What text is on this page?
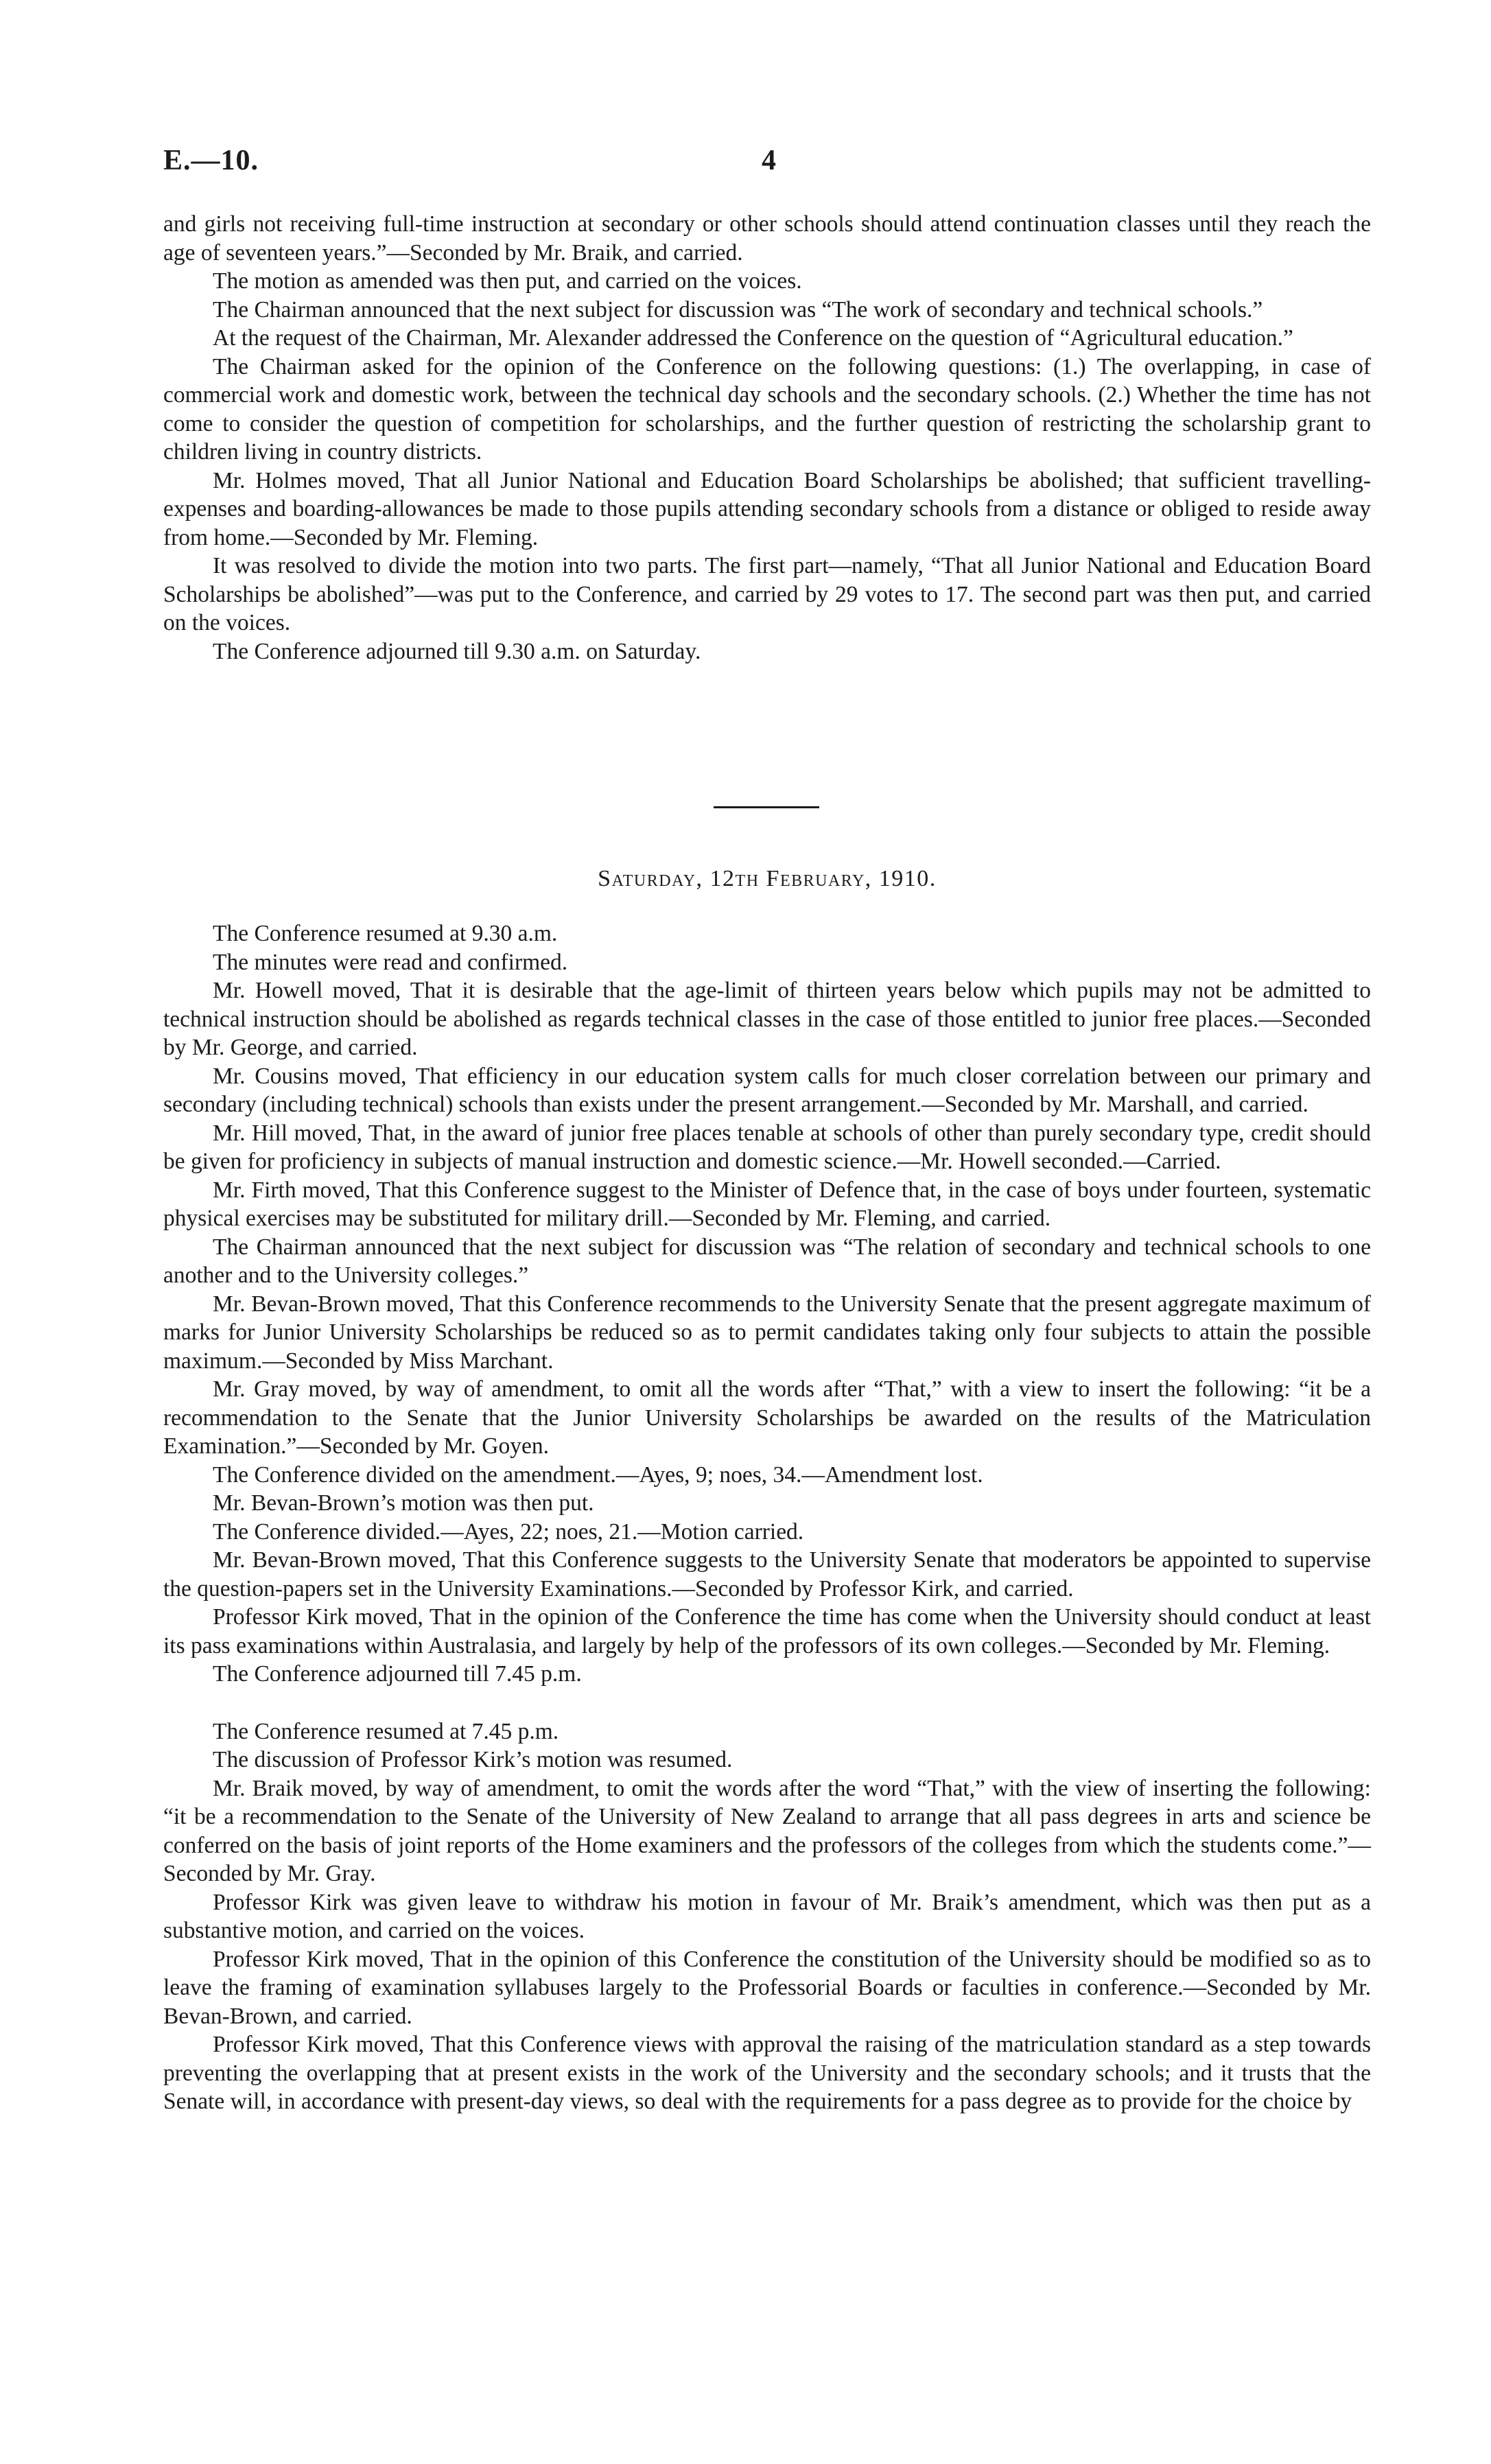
E.—10.	4

and girls not receiving full-time instruction at secondary or other schools should attend continuation classes until they reach the age of seventeen years.”—Seconded by Mr. Braik, and carried.

The motion as amended was then put, and carried on the voices.

The Chairman announced that the next subject for discussion was “The work of secondary and technical schools.”

At the request of the Chairman, Mr. Alexander addressed the Conference on the question of “Agricultural education.”

The Chairman asked for the opinion of the Conference on the following questions: (1.) The overlapping, in case of commercial work and domestic work, between the technical day schools and the secondary schools. (2.) Whether the time has not come to consider the question of competition for scholarships, and the further question of restricting the scholarship grant to children living in country districts.

Mr. Holmes moved, That all Junior National and Education Board Scholarships be abolished; that sufficient travelling-expenses and boarding-allowances be made to those pupils attending secondary schools from a distance or obliged to reside away from home.—Seconded by Mr. Fleming.

It was resolved to divide the motion into two parts. The first part—namely, “That all Junior National and Education Board Scholarships be abolished”—was put to the Conference, and carried by 29 votes to 17. The second part was then put, and carried on the voices.

The Conference adjourned till 9.30 a.m. on Saturday.

Saturday, 12th February, 1910.

The Conference resumed at 9.30 a.m.

The minutes were read and confirmed.

Mr. Howell moved, That it is desirable that the age-limit of thirteen years below which pupils may not be admitted to technical instruction should be abolished as regards technical classes in the case of those entitled to junior free places.—Seconded by Mr. George, and carried.

Mr. Cousins moved, That efficiency in our education system calls for much closer correlation between our primary and secondary (including technical) schools than exists under the present arrangement.—Seconded by Mr. Marshall, and carried.

Mr. Hill moved, That, in the award of junior free places tenable at schools of other than purely secondary type, credit should be given for proficiency in subjects of manual instruction and domestic science.—Mr. Howell seconded.—Carried.

Mr. Firth moved, That this Conference suggest to the Minister of Defence that, in the case of boys under fourteen, systematic physical exercises may be substituted for military drill.—Seconded by Mr. Fleming, and carried.

The Chairman announced that the next subject for discussion was “The relation of secondary and technical schools to one another and to the University colleges.”

Mr. Bevan-Brown moved, That this Conference recommends to the University Senate that the present aggregate maximum of marks for Junior University Scholarships be reduced so as to permit candidates taking only four subjects to attain the possible maximum.—Seconded by Miss Marchant.

Mr. Gray moved, by way of amendment, to omit all the words after “That,” with a view to insert the following: “it be a recommendation to the Senate that the Junior University Scholarships be awarded on the results of the Matriculation Examination.”—Seconded by Mr. Goyen.

The Conference divided on the amendment.—Ayes, 9; noes, 34.—Amendment lost.

Mr. Bevan-Brown’s motion was then put.

The Conference divided.—Ayes, 22; noes, 21.—Motion carried.

Mr. Bevan-Brown moved, That this Conference suggests to the University Senate that moderators be appointed to supervise the question-papers set in the University Examinations.—Seconded by Professor Kirk, and carried.

Professor Kirk moved, That in the opinion of the Conference the time has come when the University should conduct at least its pass examinations within Australasia, and largely by help of the professors of its own colleges.—Seconded by Mr. Fleming.

The Conference adjourned till 7.45 p.m.

The Conference resumed at 7.45 p.m.

The discussion of Professor Kirk’s motion was resumed.

Mr. Braik moved, by way of amendment, to omit the words after the word “That,” with the view of inserting the following: “it be a recommendation to the Senate of the University of New Zealand to arrange that all pass degrees in arts and science be conferred on the basis of joint reports of the Home examiners and the professors of the colleges from which the students come.”—Seconded by Mr. Gray.

Professor Kirk was given leave to withdraw his motion in favour of Mr. Braik’s amendment, which was then put as a substantive motion, and carried on the voices.

Professor Kirk moved, That in the opinion of this Conference the constitution of the University should be modified so as to leave the framing of examination syllabuses largely to the Professorial Boards or faculties in conference.—Seconded by Mr. Bevan-Brown, and carried.

Professor Kirk moved, That this Conference views with approval the raising of the matriculation standard as a step towards preventing the overlapping that at present exists in the work of the University and the secondary schools; and it trusts that the Senate will, in accordance with present-day views, so deal with the requirements for a pass degree as to provide for the choice by
